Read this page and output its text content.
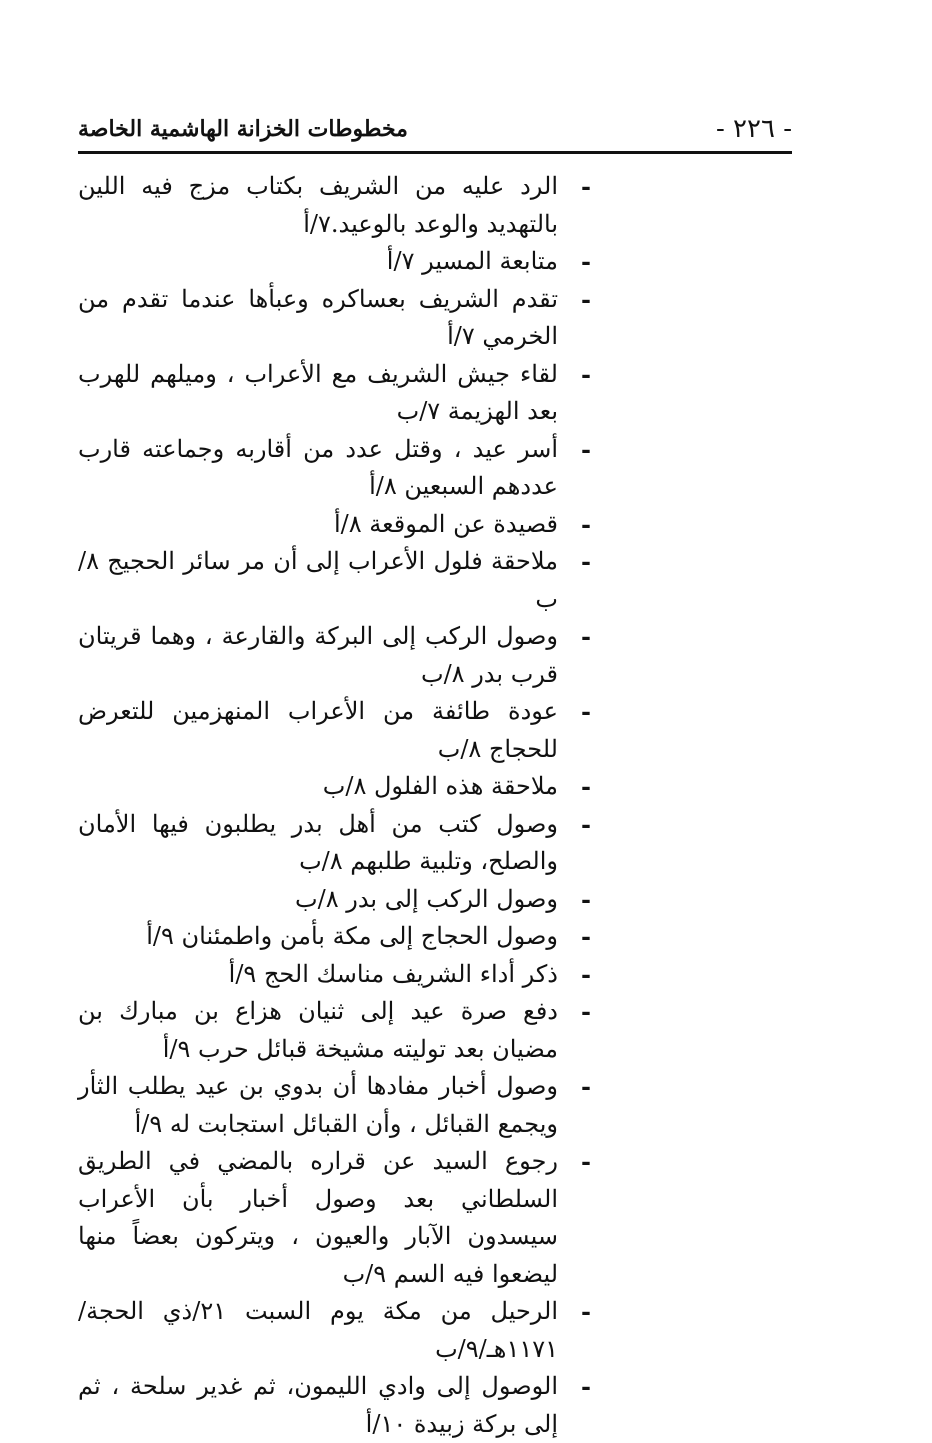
- ٢٢٦ -
مخطوطات الخزانة الهاشمية الخاصة
-
الرد عليه من الشريف بكتاب مزج فيه اللين بالتهديد والوعد بالوعيد.٧/أ
-
متابعة المسير ٧/أ
-
تقدم الشريف بعساكره وعبأها عندما تقدم من الخرمي ٧/أ
-
لقاء جيش الشريف مع الأعراب ، وميلهم للهرب بعد الهزيمة ٧/ب
-
أسر عيد ، وقتل عدد من أقاربه وجماعته قارب عددهم السبعين ٨/أ
-
قصيدة عن الموقعة ٨/أ
-
ملاحقة فلول الأعراب إلى أن مر سائر الحجيج ٨/ب
-
وصول الركب إلى البركة والقارعة ، وهما قريتان قرب بدر ٨/ب
-
عودة طائفة من الأعراب المنهزمين للتعرض للحجاج ٨/ب
-
ملاحقة هذه الفلول ٨/ب
-
وصول كتب من أهل بدر يطلبون فيها الأمان والصلح، وتلبية طلبهم ٨/ب
-
وصول الركب إلى بدر ٨/ب
-
وصول الحجاج إلى مكة بأمن واطمئنان ٩/أ
-
ذكر أداء الشريف مناسك الحج ٩/أ
-
دفع صرة عيد إلى ثنيان هزاع بن مبارك بن مضيان بعد توليته مشيخة قبائل حرب ٩/أ
-
وصول أخبار مفادها أن بدوي بن عيد يطلب الثأر ويجمع القبائل ، وأن القبائل استجابت له ٩/أ
-
رجوع السيد عن قراره بالمضي في الطريق السلطاني بعد وصول أخبار بأن الأعراب سيسدون الآبار والعيون ، ويتركون بعضاً منها ليضعوا فيه السم ٩/ب
-
الرحيل من مكة يوم السبت ٢١/ذي الحجة/١١٧١هـ/٩/ب
-
الوصول إلى وادي الليمون، ثم غدير سلحة ، ثم إلى بركة زبيدة ١٠/أ
